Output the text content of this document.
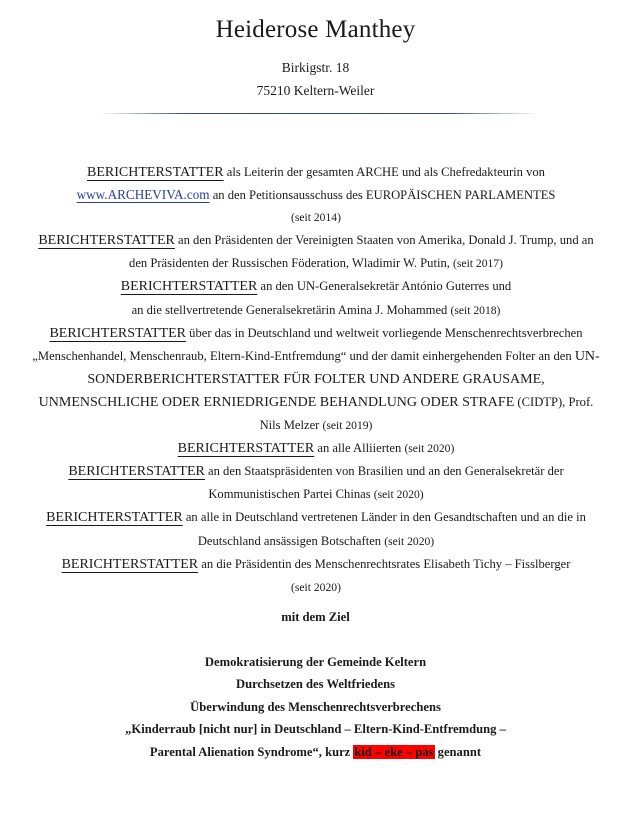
Heiderose Manthey
Birkigstr. 18
75210 Keltern-Weiler

BERICHTERSTATTER als Leiterin der gesamten ARCHE und als Chefredakteurin von
www.ARCHEVIVA.com an den Petitionsausschuss des EUROPÄISCHEN PARLAMENTES
(seit 2014)

BERICHTERSTATTER an den Präsidenten der Vereinigten Staaten von Amerika, Donald J. Trump, und an den Präsidenten der Russischen Föderation, Wladimir W. Putin, (seit 2017)

BERICHTERSTATTER an den UN-Generalsekretär António Guterres und
an die stellvertretende Generalsekretärin Amina J. Mohammed (seit 2018)

BERICHTERSTATTER über das in Deutschland und weltweit vorliegende Menschenrechtsverbrechen „Menschenhandel, Menschenraub, Eltern-Kind-Entfremdung“ und der damit einhergehenden Folter an den UN-SONDERBERICHTERSTATTER FÜR FOLTER UND ANDERE GRAUSAME, UNMENSCHLICHE ODER ERNIEDRIGENDE BEHANDLUNG ODER STRAFE (CIDTP), Prof. Nils Melzer (seit 2019)

BERICHTERSTATTER an alle Alliierten (seit 2020)

BERICHTERSTATTER an den Staatspräsidenten von Brasilien und an den Generalsekretär der Kommunistischen Partei Chinas (seit 2020)

BERICHTERSTATTER an alle in Deutschland vertretenen Länder in den Gesandtschaften und an die in Deutschland ansässigen Botschaften (seit 2020)

BERICHTERSTATTER an die Präsidentin des Menschenrechtsrates Elisabeth Tichy – Fisslberger
(seit 2020)

mit dem Ziel

Demokratisierung der Gemeinde Keltern

Durchsetzen des Weltfriedens

Überwindung des Menschenrechtsverbrechens

„Kinderraub [nicht nur] in Deutschland – Eltern-Kind-Entfremdung –

Parental Alienation Syndrome“, kurz kid – eke – pas genannt
